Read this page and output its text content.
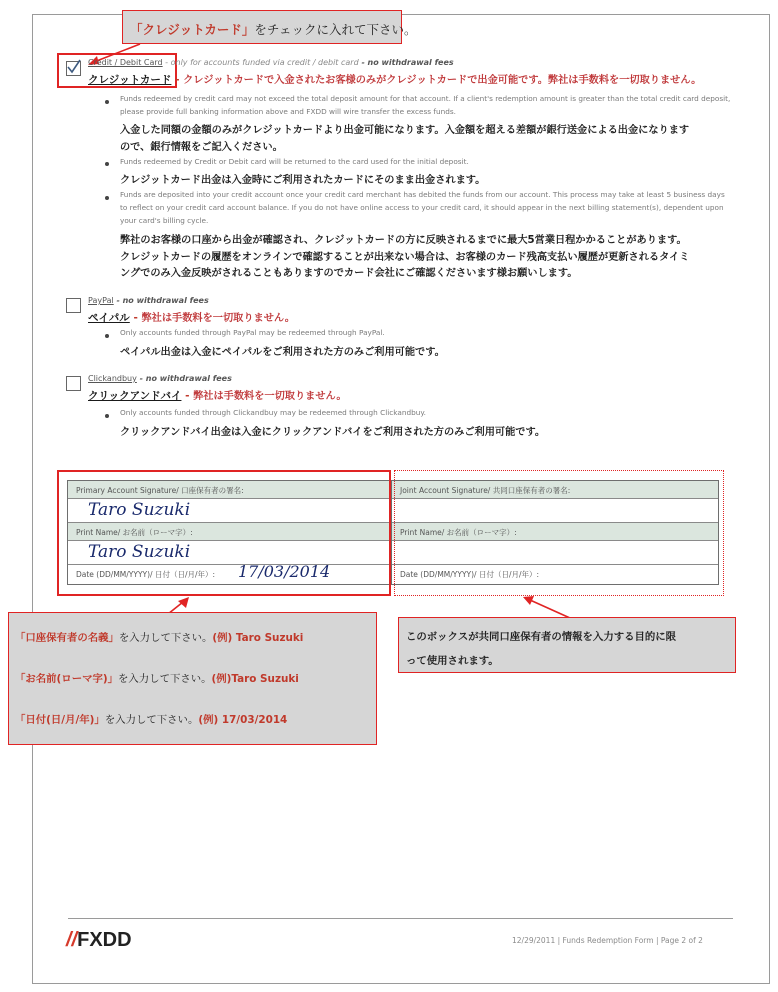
「クレジットカード」をチェックに入れて下さい。
Credit / Debit Card - only for accounts funded via credit / debit card - no withdrawal fees
クレジットカード - クレジットカードで入金されたお客様のみがクレジットカードで出金可能です。弊社は手数料を一切取りません。
Funds redeemed by credit card may not exceed the total deposit amount for that account. If a client's redemption amount is greater than the total credit card deposit,
please provide full banking information above and FXDD will wire transfer the excess funds.
入金した同額の金額のみがクレジットカードより出金可能になります。入金額を超える差額が銀行送金による出金になります
ので、銀行情報をご記入ください。
Funds redeemed by Credit or Debit card will be returned to the card used for the initial deposit.
クレジットカード出金は入金時にご利用されたカードにそのまま出金されます。
Funds are deposited into your credit account once your credit card merchant has debited the funds from our account. This process may take at least 5 business days
to reflect on your credit card account balance. If you do not have online access to your credit card, it should appear in the next billing statement(s), dependent upon
your card's billing cycle.
弊社のお客様の口座から出金が確認され、クレジットカードの方に反映されるまでに最大5営業日程かかることがあります。
クレジットカードの履歴をオンラインで確認することが出来ない場合は、お客様のカード残高支払い履歴が更新されるタイミ
ングでのみ入金反映がされることもありますのでカード会社にご確認くださいます様お願いします。
PayPal - no withdrawal fees
ペイパル - 弊社は手数料を一切取りません。
Only accounts funded through PayPal may be redeemed through PayPal.
ペイパル出金は入金にペイパルをご利用された方のみご利用可能です。
Clickandbuy - no withdrawal fees
クリックアンドバイ - 弊社は手数料を一切取りません。
Only accounts funded through Clickandbuy may be redeemed through Clickandbuy.
クリックアンドバイ出金は入金にクリックアンドバイをご利用された方のみご利用可能です。
Primary Account Signature/ 口座保有者の署名:
Taro Suzuki
Print Name/ お名前（ローマ字）:
Taro Suzuki
Date (DD/MM/YYYY)/ 日付（日/月/年）: 17/03/2014
Joint Account Signature/ 共同口座保有者の署名:
Print Name/ お名前（ローマ字）:
Date (DD/MM/YYYY)/ 日付（日/月/年）:
「口座保有者の名義」を入力して下さい。(例) Taro Suzuki
「お名前(ローマ字)」を入力して下さい。(例)Taro Suzuki
「日付(日/月/年)」を入力して下さい。(例) 17/03/2014
このボックスが共同口座保有者の情報を入力する目的に限
って使用されます。
//FXDD	12/29/2011 | Funds Redemption Form | Page 2 of 2
